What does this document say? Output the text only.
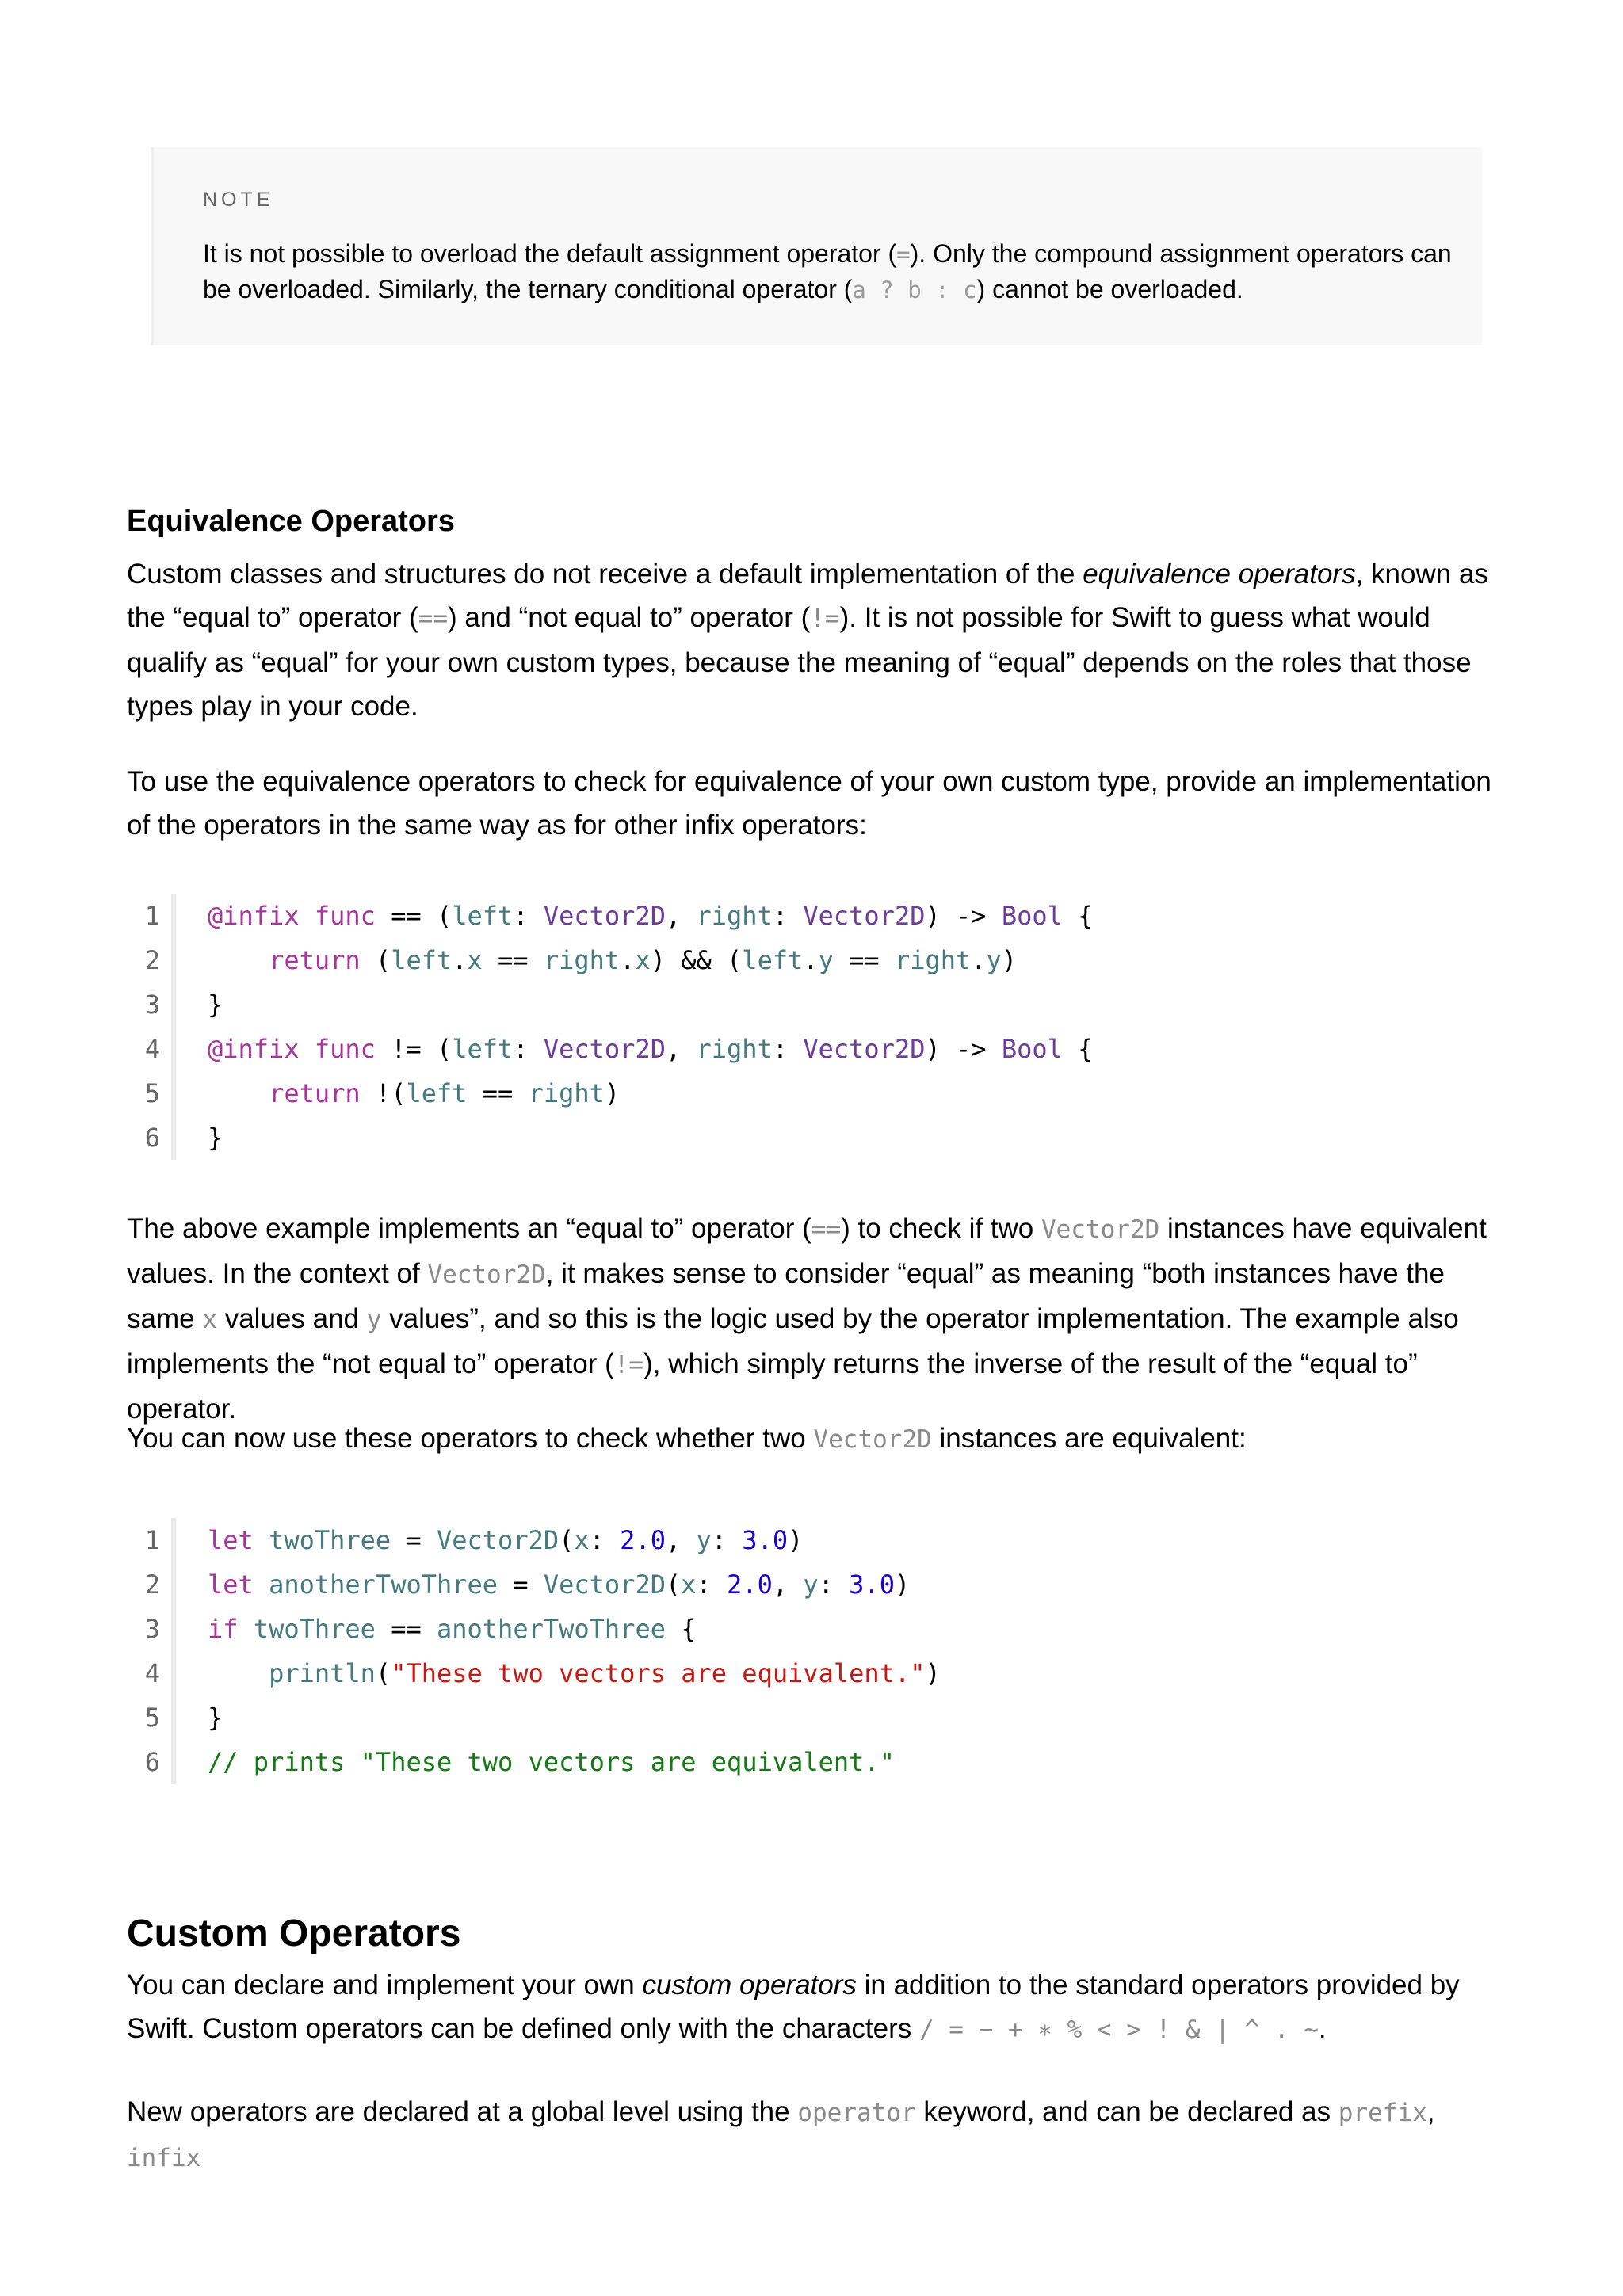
NOTE
It is not possible to overload the default assignment operator (=). Only the compound assignment operators can be overloaded. Similarly, the ternary conditional operator (a ? b : c) cannot be overloaded.
Equivalence Operators
Custom classes and structures do not receive a default implementation of the equivalence operators, known as the “equal to” operator (==) and “not equal to” operator (!=). It is not possible for Swift to guess what would qualify as “equal” for your own custom types, because the meaning of “equal” depends on the roles that those types play in your code.
To use the equivalence operators to check for equivalence of your own custom type, provide an implementation of the operators in the same way as for other infix operators:
1	@infix func == (left: Vector2D, right: Vector2D) -> Bool {
2	return (left.x == right.x) && (left.y == right.y)
3	}
4	@infix func != (left: Vector2D, right: Vector2D) -> Bool {
5	return !(left == right)
6	}
The above example implements an “equal to” operator (==) to check if two Vector2D instances have equivalent values. In the context of Vector2D, it makes sense to consider “equal” as meaning “both instances have the same x values and y values”, and so this is the logic used by the operator implementation. The example also implements the “not equal to” operator (!=), which simply returns the inverse of the result of the “equal to” operator.
You can now use these operators to check whether two Vector2D instances are equivalent:
1	let twoThree = Vector2D(x: 2.0, y: 3.0)
2	let anotherTwoThree = Vector2D(x: 2.0, y: 3.0)
3	if twoThree == anotherTwoThree {
4	println("These two vectors are equivalent.")
5	}
6	// prints "These two vectors are equivalent."
Custom Operators
You can declare and implement your own custom operators in addition to the standard operators provided by Swift. Custom operators can be defined only with the characters / = − + ∗ % < > ! & | ^ . ~.
New operators are declared at a global level using the operator keyword, and can be declared as prefix, infix
